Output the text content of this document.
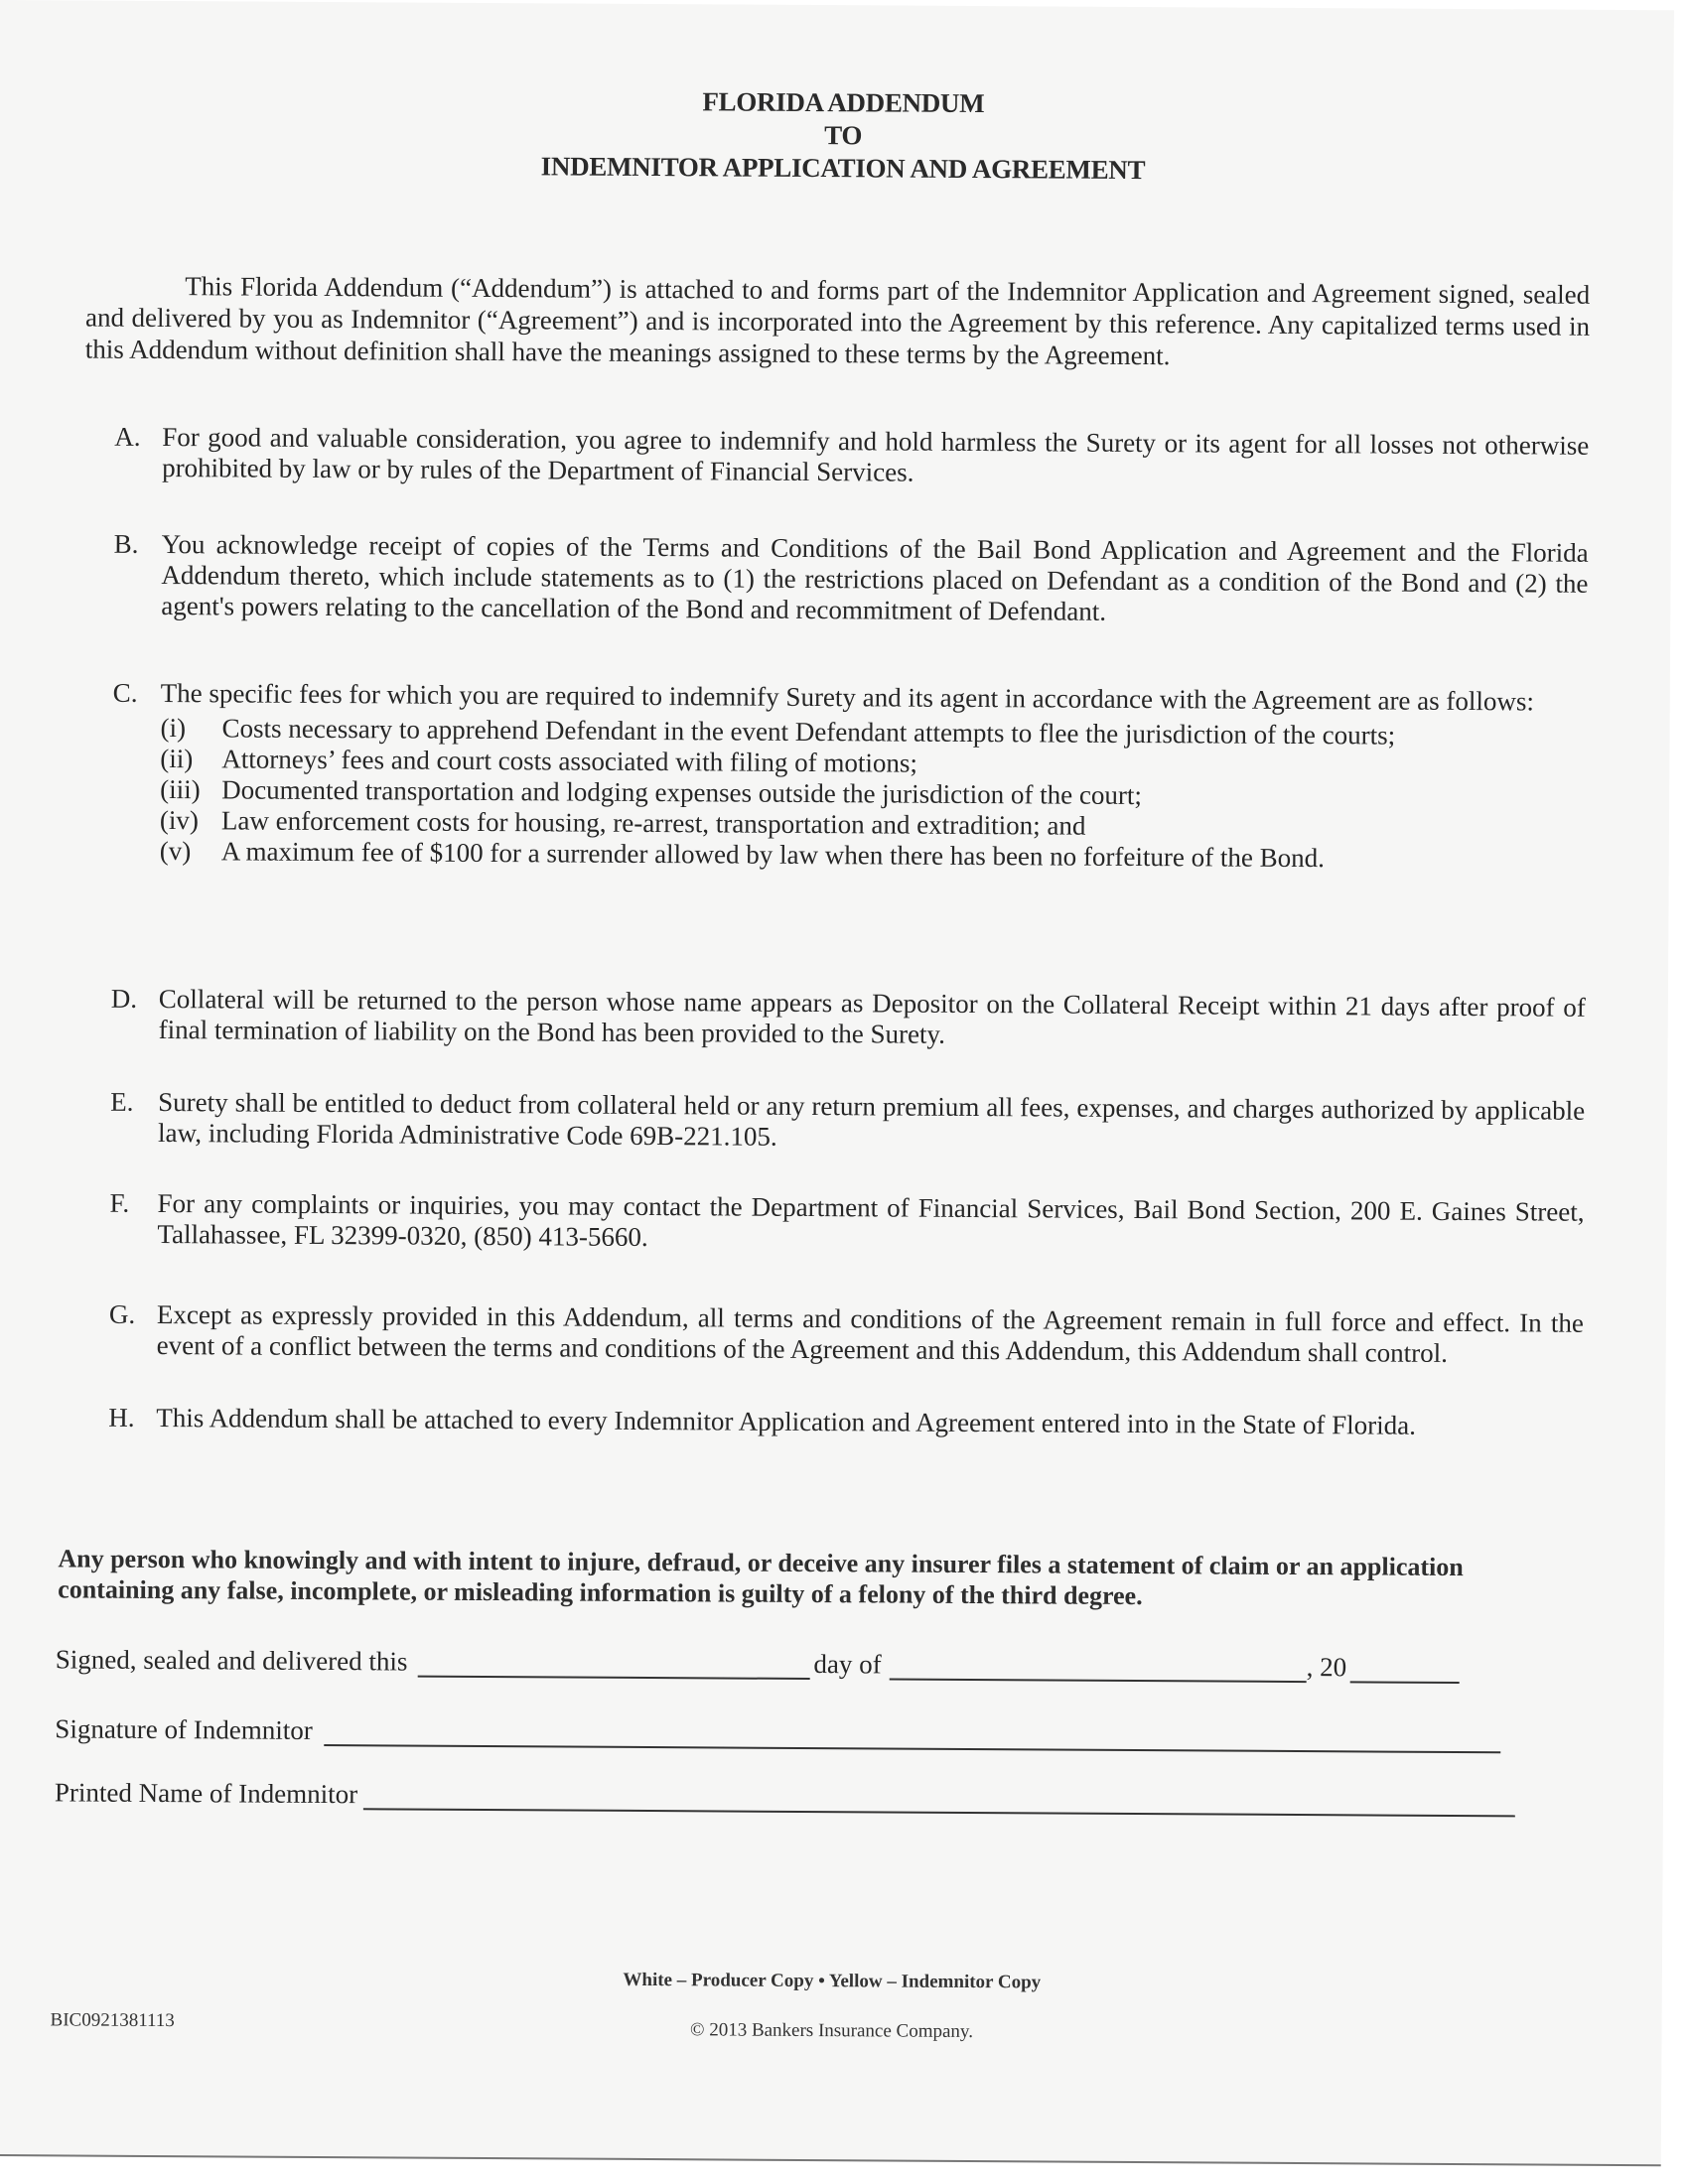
FLORIDA ADDENDUM
TO
INDEMNITOR APPLICATION AND AGREEMENT

This Florida Addendum (“Addendum”) is attached to and forms part of the Indemnitor Application and Agreement signed, sealed and delivered by you as Indemnitor (“Agreement”) and is incorporated into the Agreement by this reference. Any capitalized terms used in this Addendum without definition shall have the meanings assigned to these terms by the Agreement.

A. For good and valuable consideration, you agree to indemnify and hold harmless the Surety or its agent for all losses not otherwise prohibited by law or by rules of the Department of Financial Services.
B. You acknowledge receipt of copies of the Terms and Conditions of the Bail Bond Application and Agreement and the Florida Addendum thereto, which include statements as to (1) the restrictions placed on Defendant as a condition of the Bond and (2) the agent's powers relating to the cancellation of the Bond and recommitment of Defendant.
C. The specific fees for which you are required to indemnify Surety and its agent in accordance with the Agreement are as follows:
(i) Costs necessary to apprehend Defendant in the event Defendant attempts to flee the jurisdiction of the courts;
(ii) Attorneys’ fees and court costs associated with filing of motions;
(iii) Documented transportation and lodging expenses outside the jurisdiction of the court;
(iv) Law enforcement costs for housing, re-arrest, transportation and extradition; and
(v) A maximum fee of $100 for a surrender allowed by law when there has been no forfeiture of the Bond.
D. Collateral will be returned to the person whose name appears as Depositor on the Collateral Receipt within 21 days after proof of final termination of liability on the Bond has been provided to the Surety.
E. Surety shall be entitled to deduct from collateral held or any return premium all fees, expenses, and charges authorized by applicable law, including Florida Administrative Code 69B-221.105.
F.	For any complaints or inquiries, you may contact the Department of Financial Services, Bail Bond Section, 200 E. Gaines Street, Tallahassee, FL 32399-0320, (850) 413-5660.
G. Except as expressly provided in this Addendum, all terms and conditions of the Agreement remain in full force and effect. In the event of a conflict between the terms and conditions of the Agreement and this Addendum, this Addendum shall control.
H. This Addendum shall be attached to every Indemnitor Application and Agreement entered into in the State of Florida.

Any person who knowingly and with intent to injure, defraud, or deceive any insurer files a statement of claim or an application containing any false, incomplete, or misleading information is guilty of a felony of the third degree.

Signed, sealed and delivered this	day of	, 20
Signature of Indemnitor
Printed Name of Indemnitor
White – Producer Copy • Yellow – Indemnitor Copy
BIC0921381113	© 2013 Bankers Insurance Company.
